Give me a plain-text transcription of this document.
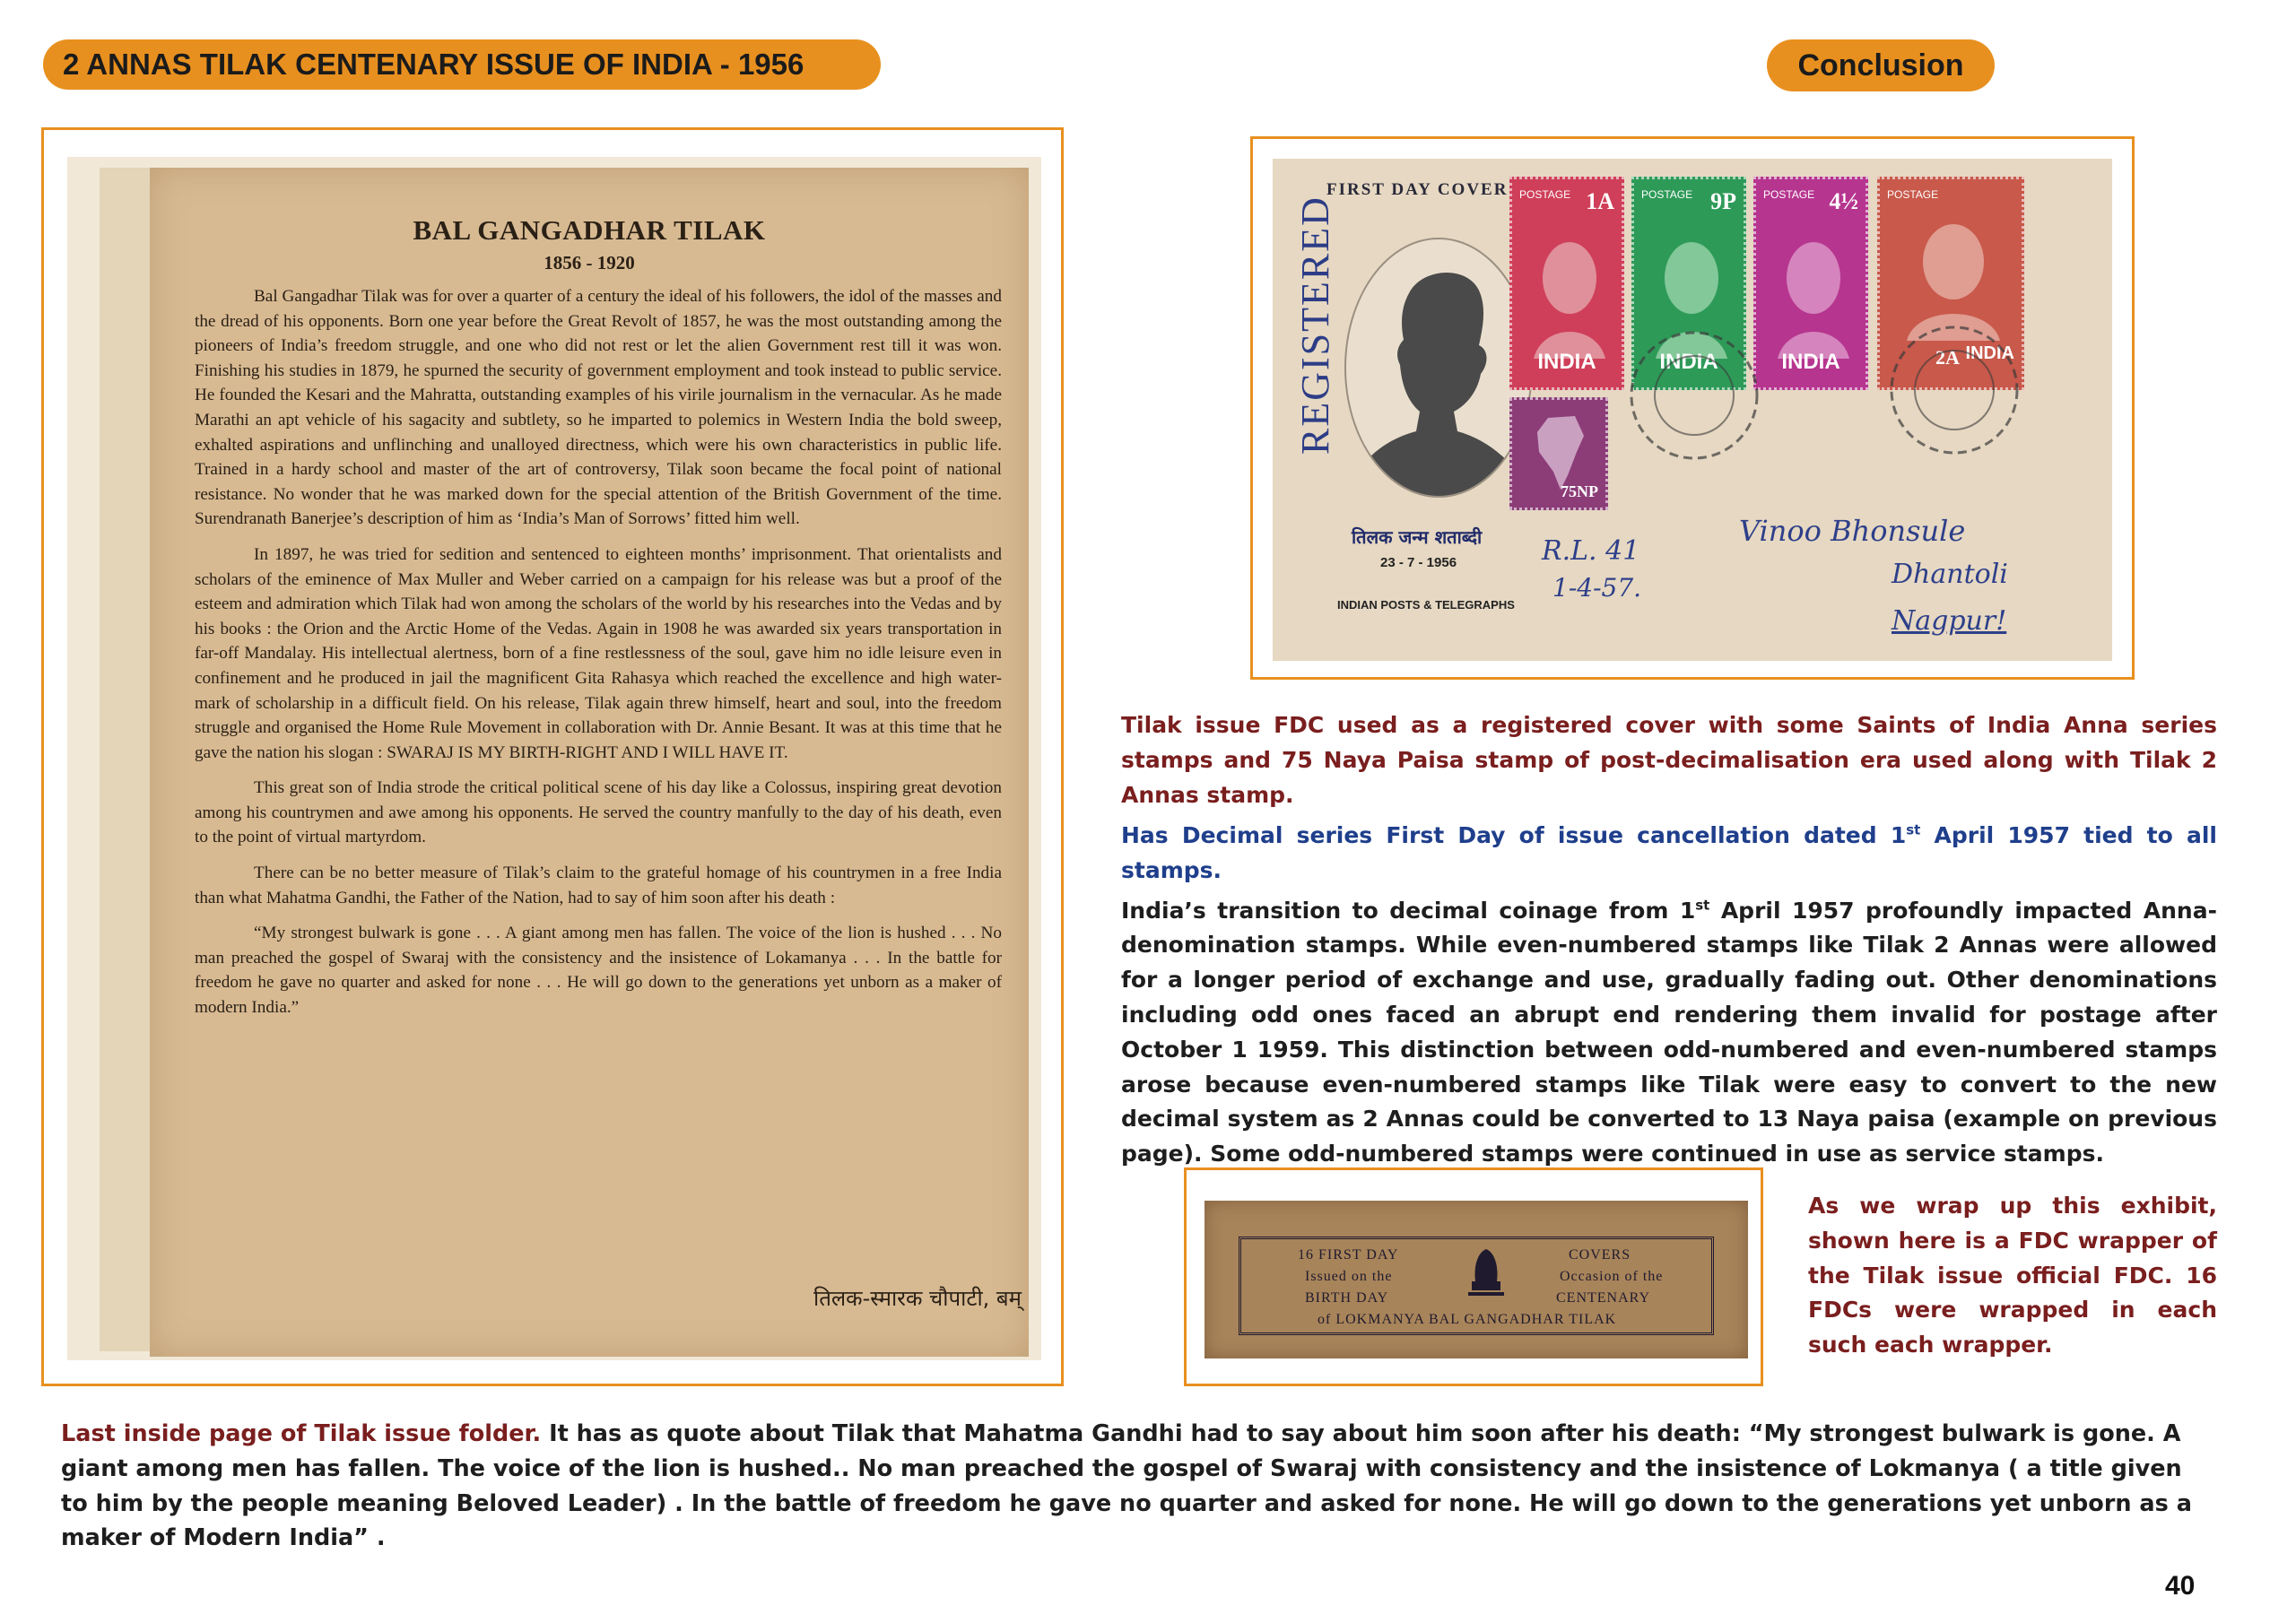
2 ANNAS TILAK CENTENARY ISSUE OF INDIA - 1956	Conclusion
BAL GANGADHAR TILAK
1856 - 1920

Bal Gangadhar Tilak was for over a quarter of a century the ideal of his followers, the idol of the masses and the dread of his opponents. Born one year before the Great Revolt of 1857, he was the most outstanding among the pioneers of India’s freedom struggle, and one who did not rest or let the alien Government rest till it was won. Finishing his studies in 1879, he spurned the security of government employment and took instead to public service. He founded the Kesari and the Mahratta, outstanding examples of his virile journalism in the vernacular. As he made Marathi an apt vehicle of his sagacity and subtlety, so he imparted to polemics in Western India the bold sweep, exhalted aspirations and unflinching and unalloyed directness, which were his own characteristics in public life. Trained in a hardy school and master of the art of controversy, Tilak soon became the focal point of national resistance. No wonder that he was marked down for the special attention of the British Government of the time. Surendranath Banerjee’s description of him as ‘India’s Man of Sorrows’ fitted him well.

In 1897, he was tried for sedition and sentenced to eighteen months’ imprisonment. That orientalists and scholars of the eminence of Max Muller and Weber carried on a campaign for his release was but a proof of the esteem and admiration which Tilak had won among the scholars of the world by his researches into the Vedas and by his books : the Orion and the Arctic Home of the Vedas. Again in 1908 he was awarded six years transportation in far-off Mandalay. His intellectual alertness, born of a fine restlessness of the soul, gave him no idle leisure even in confinement and he produced in jail the magnificent Gita Rahasya which reached the excellence and high water-mark of scholarship in a difficult field. On his release, Tilak again threw himself, heart and soul, into the freedom struggle and organised the Home Rule Movement in collaboration with Dr. Annie Besant. It was at this time that he gave the nation his slogan : SWARAJ IS MY BIRTH-RIGHT AND I WILL HAVE IT.

This great son of India strode the critical political scene of his day like a Colossus, inspiring great devotion among his countrymen and awe among his opponents. He served the country manfully to the day of his death, even to the point of virtual martyrdom.

There can be no better measure of Tilak’s claim to the grateful homage of his countrymen in a free India than what Mahatma Gandhi, the Father of the Nation, had to say of him soon after his death :

“My strongest bulwark is gone . . . A giant among men has fallen. The voice of the lion is hushed . . . No man preached the gospel of Swaraj with the consistency and the insistence of Lokamanya . . . In the battle for freedom he gave no quarter and asked for none . . . He will go down to the generations yet unborn as a maker of modern India.”

तिलक-स्मारक चौपाटी, बम्
FIRST DAY COVER
REGISTERED
तिलक जन्म शताब्दी
23 - 7 - 1956
INDIAN POSTS & TELEGRAPHS
POSTAGE 1A
INDIA
POSTAGE 9P
INDIA
POSTAGE 4½
INDIA
POSTAGE
2A INDIA
75NP
R.L. 41
1-4-57.
Vinoo Bhonsule
Dhantoli
Nagpur!
Tilak issue FDC used as a registered cover with some Saints of India Anna series stamps and 75 Naya Paisa stamp of post-decimalisation era used along with Tilak 2 Annas stamp.
Has Decimal series First Day of issue cancellation dated 1st April 1957 tied to all stamps.
India’s transition to decimal coinage from 1st April 1957 profoundly impacted Anna-denomination stamps. While even-numbered stamps like Tilak 2 Annas were allowed for a longer period of exchange and use, gradually fading out. Other denominations including odd ones faced an abrupt end rendering them invalid for postage after October 1 1959. This distinction between odd-numbered and even-numbered stamps arose because even-numbered stamps like Tilak were easy to convert to the new decimal system as 2 Annas could be converted to 13 Naya paisa (example on previous page). Some odd-numbered stamps were continued in use as service stamps.
16 FIRST DAY
Issued on the
BIRTH DAY
COVERS
Occasion of the
CENTENARY
of LOKMANYA BAL GANGADHAR TILAK
As we wrap up this exhibit, shown here is a FDC wrapper of the Tilak issue official FDC. 16 FDCs were wrapped in each such each wrapper.
Last inside page of Tilak issue folder. It has as quote about Tilak that Mahatma Gandhi had to say about him soon after his death: “My strongest bulwark is gone. A giant among men has fallen. The voice of the lion is hushed.. No man preached the gospel of Swaraj with consistency and the insistence of Lokmanya ( a title given to him by the people meaning Beloved Leader) . In the battle of freedom he gave no quarter and asked for none. He will go down to the generations yet unborn as a maker of Modern India” .
40
